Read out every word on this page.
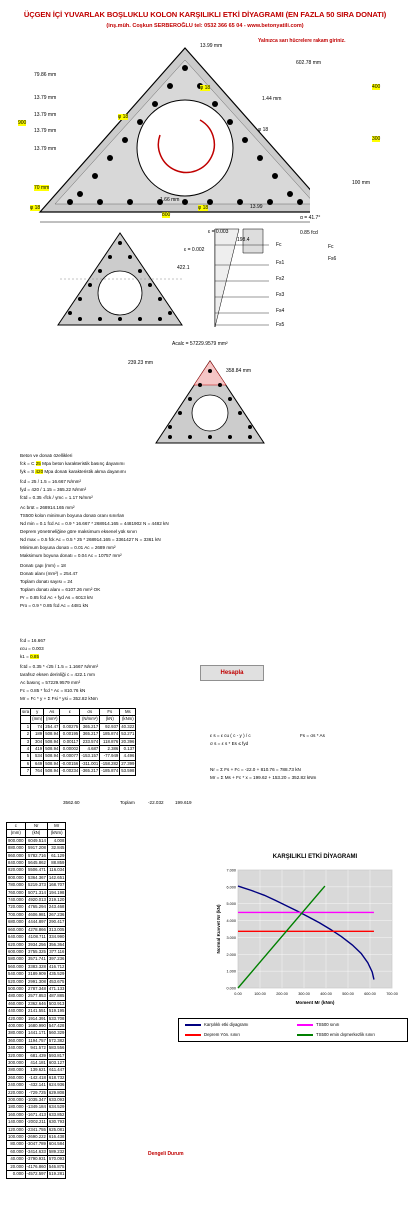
ÜÇGEN İÇİ YUVARLAK BOŞLUKLU KOLON KARŞILIKLI ETKİ DİYAGRAMI (EN FAZLA 50 SIRA DONATI)
(inş.müh. Coşkun SERBEROĞLU tel: 0532 366 65 04 - www.betonyatili.com)
Yalnızca sarı hücrelere rakam giriniz.
13.99 mm
79.86 mm
13.79 mm
13.79 mm
13.79 mm
13.79 mm
70 mm
900
1.44 mm
602.78 mm
400
300
100 mm
1.66 mm
13.99
800
φ 18
φ 18
φ 18
φ 18	φ 18
α = 41.7°
ε = 0.003
ε = 0.002
422.1
198.4
Fc
Fs1
Fs2
Fs3
Fs4
Fs5
Fs6
0.85 fcd
Fc
Acalc = 57229.9579 mm²
239.23 mm
358.84 mm
Beton ve donatı özellikleri
fck = C 25 Mpa beton karakteristik basınç dayanımı
fyk = S 420 Mpa donatı karakteristik akma dayanımı
fcd = 25 / 1.5 = 16.667 N/mm²
fyd = 420 / 1.15 = 365.22 N/mm²
fctd = 0.35 √fck / γmc = 1.17 N/mm²
Ac brüt = 268914.165 mm²
TS500 kolon minimum boyuna donatı oranı sınırları
Nd min = 0.1 fcd Ac = 0.9 * 16.667 * 268914.165 = 4481902 N = 4482 kN
Deprem yönetmeliğine göre maksimum eksenel yük sınırı
Nd max = 0.5 fck Ac = 0.5 * 25 * 268914.165 = 3361427 N = 3361 kN
Minimum boyuna donatı = 0.01 Ac = 2689 mm²
Maksimum boyuna donatı = 0.04 Ac = 10757 mm²
Donatı çapı (mm) = 18
Donatı alanı (mm²) = 254.47
Toplam donatı sayısı = 24
Toplam donatı alanı = 6107.26 mm² OK
Pr = 0.85 fcd Ac + fyd As = 6013 kN
Pro = 0.9 * 0.85 fcd Ac = 4481 kN
fcd = 16.667
εcu = 0.003
k1 = 0.85
fctd = 0.35 * √25 / 1.5 = 1.1667 N/mm²
tarafsız eksen derinliği c = 422.1 mm
Ac basınç = 57229.9579 mm²
Fc = 0.85 * fcd * Ac = 810.76 kN
Mr = Fc * y + Σ Fsi * ysi = 352.82 kNm
Hesapla
sıra	y	As	ε	σs	Fs	Ms
	(mm)	(mm²)		(N/mm²)	(kN)	(kNm)
1	74	254.47	0.00275	365.217	92.937	40.322
2	189	508.94	0.00195	365.217	185.874	53.271
3	304	508.94	0.00117	233.574	118.876	20.396
4	419	508.94	0.00002	4.687	2.386	0.137
5	534	508.94	-0.00077	-153.157	-77.949	4.496
6	649	508.94	-0.00156	-311.001	-158.282	27.399
7	764	508.94	-0.00234	-365.217	-185.874	53.598
3562.60	Toplam	-22.032 199.619
ε s = ε cu ( c - y ) / c
σ s = ε s * Es ≤ fyd
Fs = σs * As
Nr = Σ Fs + Fc = -22.0 + 810.76 = 788.73 kN
Mr = Σ Ms + Fc * x = 199.62 + 153.20 = 352.82 kNm
c	Nr	Mr
(mm)	(kN)	(kNm)
900.000	6049.514	4.008
880.000	5917.208	32.845
860.000	5782.716	61.129
840.000	5645.862	88.859
820.000	5506.471	116.034
800.000	5364.367	142.651
780.000	5219.373	168.707
760.000	5071.314	194.198
740.000	4920.013	219.120
720.000	4765.294	243.468
700.000	4606.981	267.236
680.000	4444.897	290.417
660.000	4278.866	313.005
640.000	4108.711	334.990
620.000	3934.256	356.364
600.000	3755.325	377.116
580.000	3571.741	397.236
560.000	3383.328	416.712
540.000	3189.909	435.529
520.000	2991.308	453.675
500.000	2787.348	471.133
480.000	2577.853	487.885
460.000	2362.646	503.913
440.000	2141.551	519.195
420.000	1914.391	533.708
400.000	1680.990	547.428
380.000	1441.171	560.329
360.000	1194.757	572.382
340.000	941.572	583.556
320.000	681.439	593.817
300.000	414.181	603.127
280.000	139.621	611.447
260.000	-142.418	618.732
240.000	-432.141	624.936
220.000	-729.725	629.808
200.000	-1035.347	633.093
180.000	-1349.184	634.529
160.000	-1671.413	633.852
140.000	-2002.211	630.793
120.000	-2341.755	625.081
100.000	-2690.222	616.438
80.000	-3047.789	604.584
60.000	-3414.633	589.232
40.000	-3790.931	570.093
20.000	-4176.860	546.875
0.000	-4572.597	519.281
Dengeli Durum
KARŞILIKLI ETKİ DİYAGRAMI
0.000
1.000
2.000
3.000
4.000
5.000
6.000
7.000
0.00	100.00	200.00	300.00	400.00	500.00	600.00	700.00
Moment Mr (kNm)
Normal Kuvvet Nr (kN)
Karşılıklı etki diyagramı	TS500 sınırı
Deprem Yön. sınırı	TS500 emin dışmerkezlik sınırı
